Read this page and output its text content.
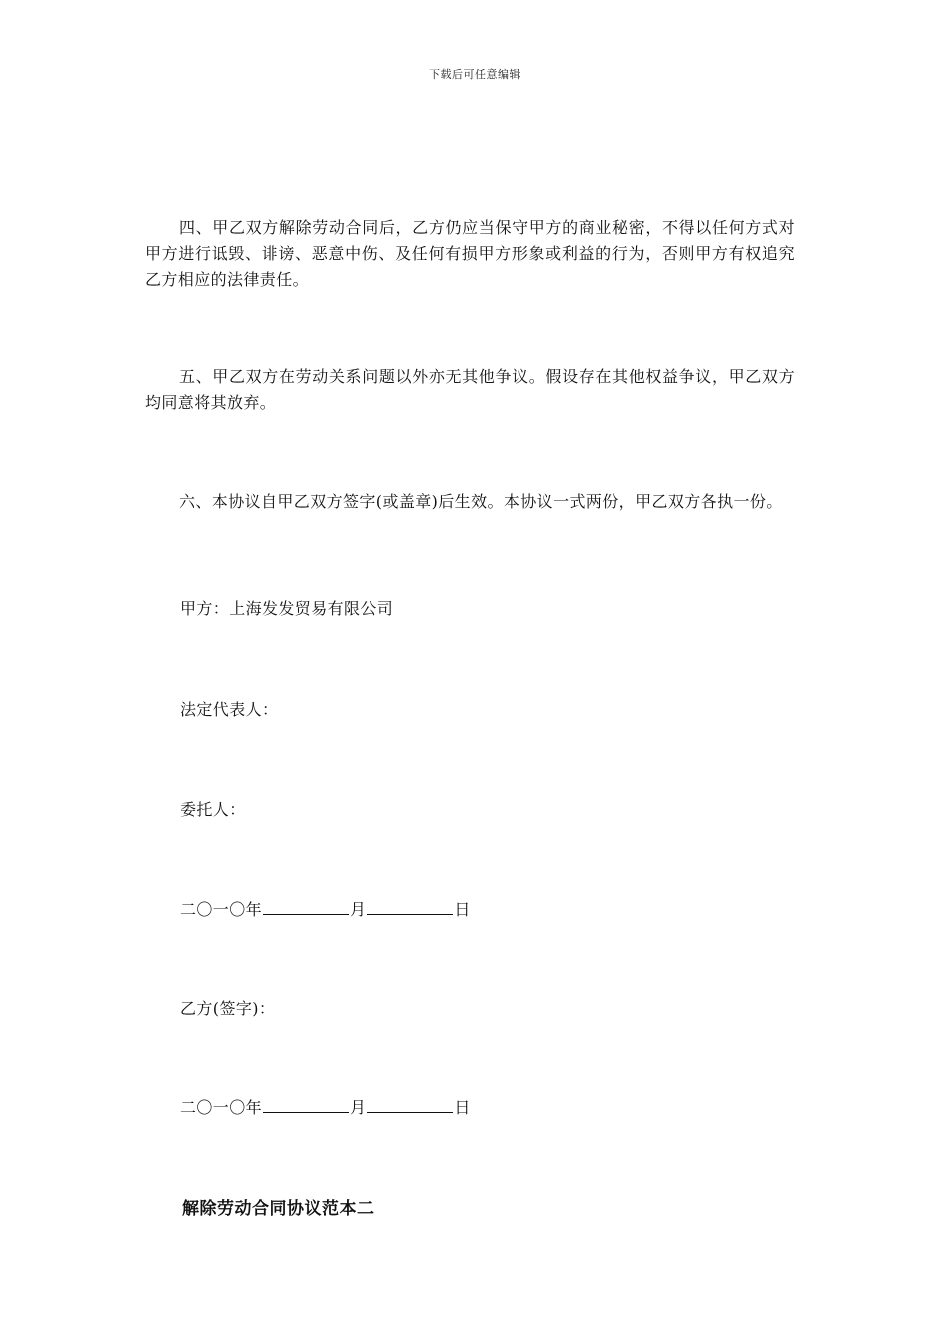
下载后可任意编辑

四、甲乙双方解除劳动合同后，乙方仍应当保守甲方的商业秘密，不得以任何方式对甲方进行诋毁、诽谤、恶意中伤、及任何有损甲方形象或利益的行为，否则甲方有权追究乙方相应的法律责任。

五、甲乙双方在劳动关系问题以外亦无其他争议。假设存在其他权益争议，甲乙双方均同意将其放弃。

六、本协议自甲乙双方签字(或盖章)后生效。本协议一式两份，甲乙双方各执一份。

甲方：上海发发贸易有限公司
法定代表人：
委托人：
二〇一〇年	月	日
乙方(签字)：
二〇一〇年	月	日
解除劳动合同协议范本二
